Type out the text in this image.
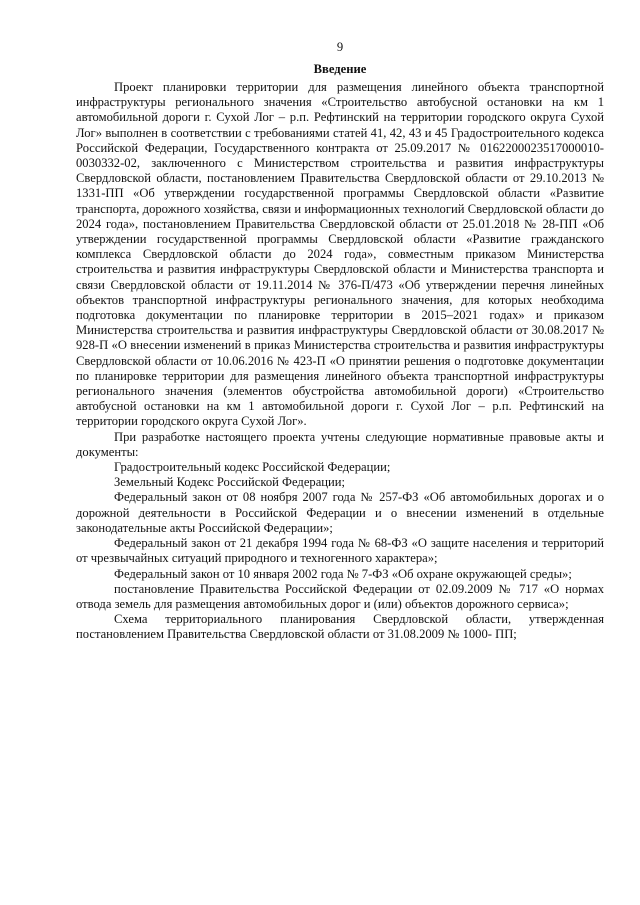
9
Введение

Проект планировки территории для размещения линейного объекта транспортной инфраструктуры регионального значения «Строительство автобусной остановки на км 1 автомобильной дороги г. Сухой Лог – р.п. Рефтинский на территории городского округа Сухой Лог» выполнен в соответствии с требованиями статей 41, 42, 43 и 45 Градостроительного кодекса Российской Федерации, Государственного контракта от 25.09.2017 № 0162200023517000010-0030332-02, заключенного с Министерством строительства и развития инфраструктуры Свердловской области, постановлением Правительства Свердловской области от 29.10.2013 № 1331-ПП «Об утверждении государственной программы Свердловской области «Развитие транспорта, дорожного хозяйства, связи и информационных технологий Свердловской области до 2024 года», постановлением Правительства Свердловской области от 25.01.2018 № 28-ПП «Об утверждении государственной программы Свердловской области «Развитие гражданского комплекса Свердловской области до 2024 года», совместным приказом Министерства строительства и развития инфраструктуры Свердловской области и Министерства транспорта и связи Свердловской области от 19.11.2014 № 376-П/473 «Об утверждении перечня линейных объектов транспортной инфраструктуры регионального значения, для которых необходима подготовка документации по планировке территории в 2015–2021 годах» и приказом Министерства строительства и развития инфраструктуры Свердловской области от 30.08.2017 № 928-П «О внесении изменений в приказ Министерства строительства и развития инфраструктуры Свердловской области от 10.06.2016 № 423-П «О принятии решения о подготовке документации по планировке территории для размещения линейного объекта транспортной инфраструктуры регионального значения (элементов обустройства автомобильной дороги) «Строительство автобусной остановки на км 1 автомобильной дороги г. Сухой Лог – р.п. Рефтинский на территории городского округа Сухой Лог».

При разработке настоящего проекта учтены следующие нормативные правовые акты и документы:

Градостроительный кодекс Российской Федерации;

Земельный Кодекс Российской Федерации;

Федеральный закон от 08 ноября 2007 года № 257-ФЗ «Об автомобильных дорогах и о дорожной деятельности в Российской Федерации и о внесении изменений в отдельные законодательные акты Российской Федерации»;

Федеральный закон от 21 декабря 1994 года № 68-ФЗ «О защите населения и территорий от чрезвычайных ситуаций природного и техногенного характера»;

Федеральный закон от 10 января 2002 года № 7-ФЗ «Об охране окружающей среды»;

постановление Правительства Российской Федерации от 02.09.2009 № 717 «О нормах отвода земель для размещения автомобильных дорог и (или) объектов дорожного сервиса»;

Схема территориального планирования Свердловской области, утвержденная постановлением Правительства Свердловской области от 31.08.2009 № 1000- ПП;
